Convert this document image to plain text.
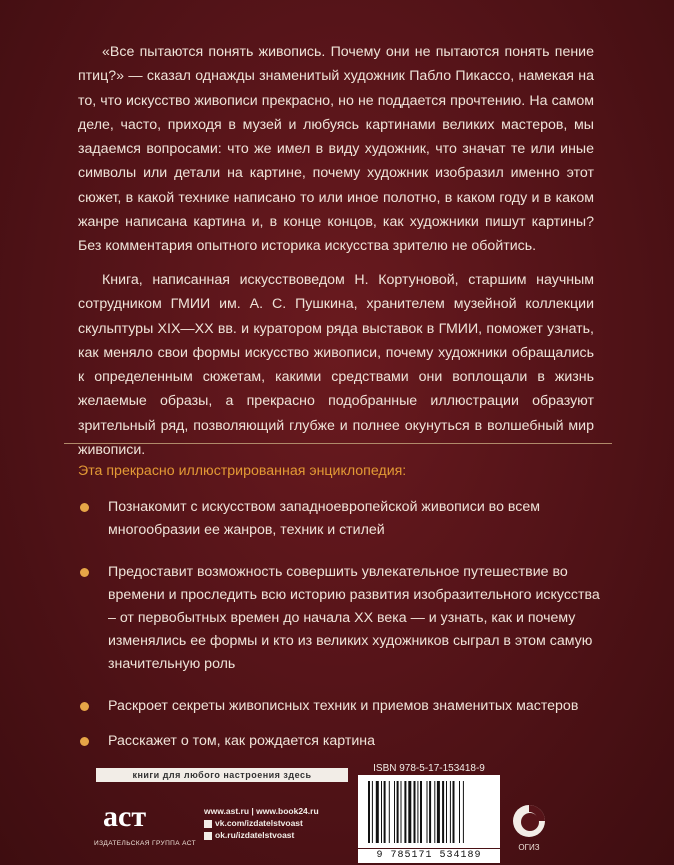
«Все пытаются понять живопись. Почему они не пытаются понять пение птиц?» — сказал однажды знаменитый художник Пабло Пикассо, намекая на то, что искусство живописи прекрасно, но не поддается прочтению. На самом деле, часто, приходя в музей и любуясь картинами великих мастеров, мы задаемся вопросами: что же имел в виду художник, что значат те или иные символы или детали на картине, почему художник изобразил именно этот сюжет, в какой технике написано то или иное полотно, в каком году и в каком жанре написана картина и, в конце концов, как художники пишут картины? Без комментария опытного историка искусства зрителю не обойтись.

Книга, написанная искусствоведом Н. Кортуновой, старшим научным сотрудником ГМИИ им. А. С. Пушкина, хранителем музейной коллекции скульптуры XIX—XX вв. и куратором ряда выставок в ГМИИ, поможет узнать, как меняло свои формы искусство живописи, почему художники обращались к определенным сюжетам, какими средствами они воплощали в жизнь желаемые образы, а прекрасно подобранные иллюстрации образуют зрительный ряд, позволяющий глубже и полнее окунуться в волшебный мир живописи.

Эта прекрасно иллюстрированная энциклопедия:

Познакомит с искусством западноевропейской живописи во всем многообразии ее жанров, техник и стилей
Предоставит возможность совершить увлекательное путешествие во времени и проследить всю историю развития изобразительного искусства – от первобытных времен до начала XX века — и узнать, как и почему изменялись ее формы и кто из великих художников сыграл в этом самую значительную роль
Раскроет секреты живописных техник и приемов знаменитых мастеров
Расскажет о том, как рождается картина
книги для любого настроения здесь
аст
ИЗДАТЕЛЬСКАЯ ГРУППА АСТ
www.ast.ru | www.book24.ru
vk.com/izdatelstvoast
ok.ru/izdatelstvoast
ISBN 978-5-17-153418-9
9 785171 534189
ОГИЗ
